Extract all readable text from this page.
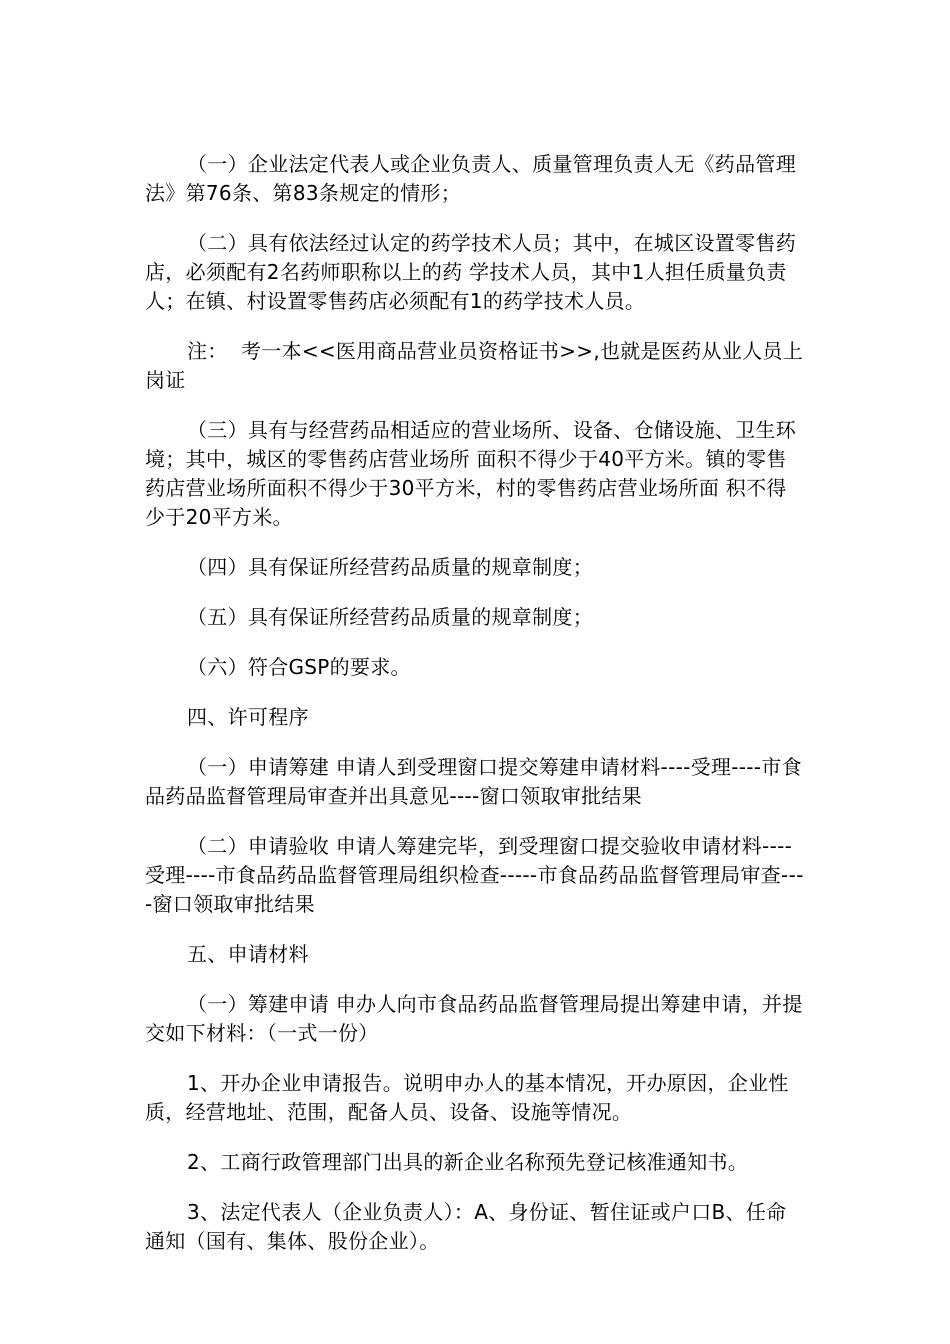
（一）企业法定代表人或企业负责人、质量管理负责人无《药品管理法》第76条、第83条规定的情形；

（二）具有依法经过认定的药学技术人员；其中，在城区设置零售药店，必须配有2名药师职称以上的药 学技术人员，其中1人担任质量负责人；在镇、村设置零售药店必须配有1的药学技术人员。

注：  考一本<<医用商品营业员资格证书>>,也就是医药从业人员上岗证

（三）具有与经营药品相适应的营业场所、设备、仓储设施、卫生环境；其中，城区的零售药店营业场所 面积不得少于40平方米。镇的零售药店营业场所面积不得少于30平方米，村的零售药店营业场所面 积不得少于20平方米。

（四）具有保证所经营药品质量的规章制度；

（五）具有保证所经营药品质量的规章制度；

（六）符合GSP的要求。

四、许可程序

（一）申请筹建 申请人到受理窗口提交筹建申请材料----受理----市食品药品监督管理局审查并出具意见----窗口领取审批结果

（二）申请验收 申请人筹建完毕，到受理窗口提交验收申请材料----受理----市食品药品监督管理局组织检查-----市食品药品监督管理局审查----窗口领取审批结果

五、申请材料

（一）筹建申请 申办人向市食品药品监督管理局提出筹建申请，并提交如下材料：（一式一份）

1、开办企业申请报告。说明申办人的基本情况，开办原因，企业性质，经营地址、范围，配备人员、设备、设施等情况。

2、工商行政管理部门出具的新企业名称预先登记核准通知书。

3、法定代表人（企业负责人）：A、身份证、暂住证或户口B、任命通知（国有、集体、股份企业）。
